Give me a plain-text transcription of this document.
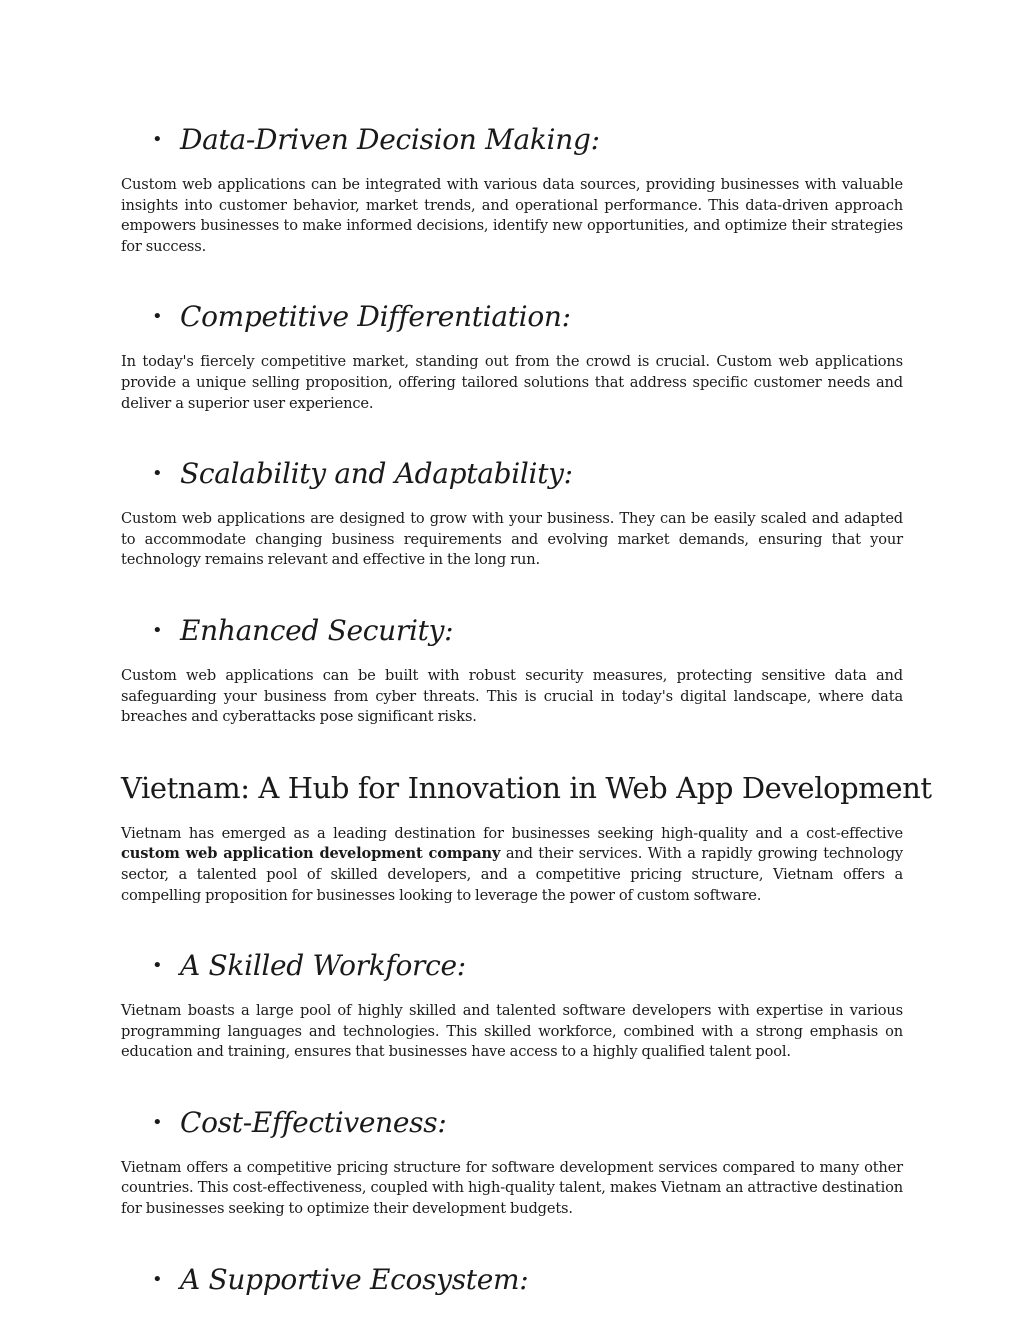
• Data-Driven Decision Making:

Custom web applications can be integrated with various data sources, providing businesses with valuable insights into customer behavior, market trends, and operational performance. This data-driven approach empowers businesses to make informed decisions, identify new opportunities, and optimize their strategies for success.

• Competitive Differentiation:

In today's fiercely competitive market, standing out from the crowd is crucial. Custom web applications provide a unique selling proposition, offering tailored solutions that address specific customer needs and deliver a superior user experience.

• Scalability and Adaptability:

Custom web applications are designed to grow with your business. They can be easily scaled and adapted to accommodate changing business requirements and evolving market demands, ensuring that your technology remains relevant and effective in the long run.

• Enhanced Security:

Custom web applications can be built with robust security measures, protecting sensitive data and safeguarding your business from cyber threats. This is crucial in today's digital landscape, where data breaches and cyberattacks pose significant risks.

Vietnam: A Hub for Innovation in Web App Development

Vietnam has emerged as a leading destination for businesses seeking high-quality and a cost-effective custom web application development company and their services. With a rapidly growing technology sector, a talented pool of skilled developers, and a competitive pricing structure, Vietnam offers a compelling proposition for businesses looking to leverage the power of custom software.

• A Skilled Workforce:

Vietnam boasts a large pool of highly skilled and talented software developers with expertise in various programming languages and technologies. This skilled workforce, combined with a strong emphasis on education and training, ensures that businesses have access to a highly qualified talent pool.

• Cost-Effectiveness:

Vietnam offers a competitive pricing structure for software development services compared to many other countries. This cost-effectiveness, coupled with high-quality talent, makes Vietnam an attractive destination for businesses seeking to optimize their development budgets.

• A Supportive Ecosystem:
